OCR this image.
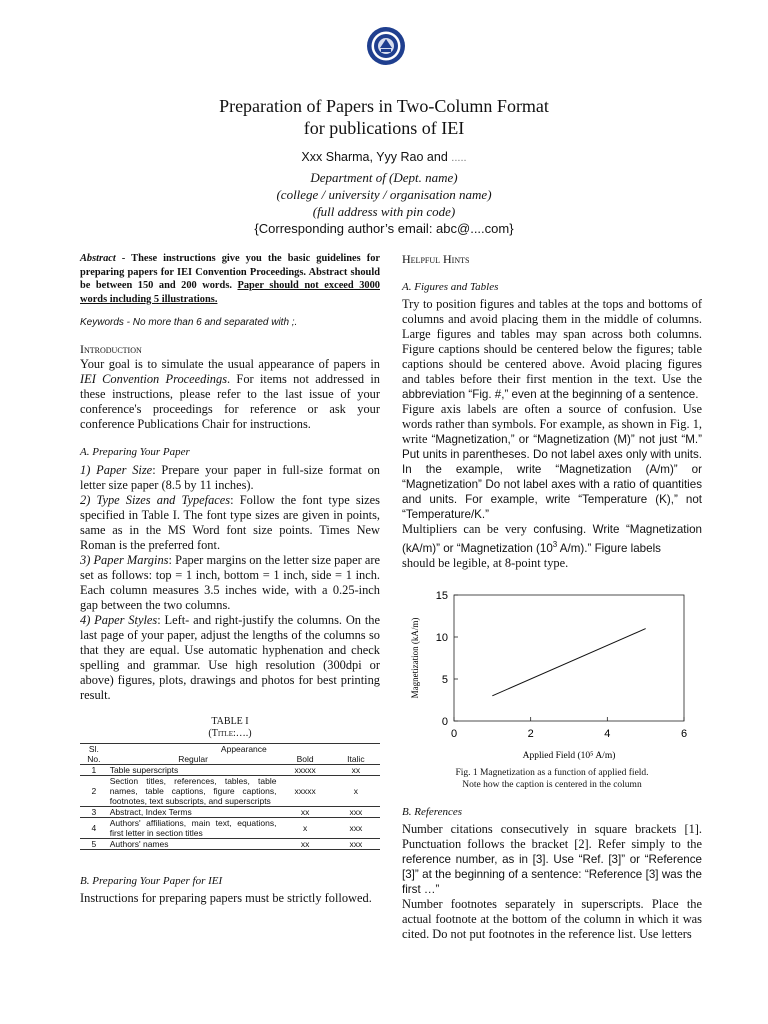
Preparation of Papers in Two-Column Format
for publications of IEI
Xxx Sharma, Yyy Rao and .....
Department of (Dept. name)
(college / university / organisation name)
(full address with pin code)
{Corresponding author’s email: abc@....com}

Abstract - These instructions give you the basic guidelines for preparing papers for IEI Convention Proceedings. Abstract should be between 150 and 200 words. Paper should not exceed 3000 words including 5 illustrations.

Keywords - No more than 6 and separated with ;.

Introduction

Your goal is to simulate the usual appearance of papers in IEI Convention Proceedings. For items not addressed in these instructions, please refer to the last issue of your conference's proceedings for reference or ask your conference Publications Chair for instructions.

A. Preparing Your Paper

1) Paper Size: Prepare your paper in full-size format on letter size paper (8.5 by 11 inches).

2) Type Sizes and Typefaces: Follow the font type sizes specified in Table I. The font type sizes are given in points, same as in the MS Word font size points. Times New Roman is the preferred font.

3) Paper Margins: Paper margins on the letter size paper are set as follows: top = 1 inch, bottom = 1 inch, side = 1 inch. Each column measures 3.5 inches wide, with a 0.25-inch gap between the two columns.

4) Paper Styles: Left- and right-justify the columns. On the last page of your paper, adjust the lengths of the columns so that they are equal. Use automatic hyphenation and check spelling and grammar. Use high resolution (300dpi or above) figures, plots, drawings and photos for best printing result.

TABLE I

(Title:….)

Sl. No.	Appearance		
	Regular	Bold	Italic
1	Table superscripts	xxxxx	xx
2	Section titles, references, tables, table names, table captions, figure captions, footnotes, text subscripts, and superscripts	xxxxx	x
3	Abstract, Index Terms	xx	xxx
4	Authors' affiliations, main text, equations, first letter in section titles	x	xxx
5	Authors' names	xx	xxx

B. Preparing Your Paper for IEI

Instructions for preparing papers must be strictly followed.

Helpful Hints

A. Figures and Tables

Try to position figures and tables at the tops and bottoms of columns and avoid placing them in the middle of columns. Large figures and tables may span across both columns. Figure captions should be centered below the figures; table captions should be centered above. Avoid placing figures and tables before their first mention in the text. Use the abbreviation “Fig. #,” even at the beginning of a sentence.

Figure axis labels are often a source of confusion. Use words rather than symbols. For example, as shown in Fig. 1, write “Magnetization,” or “Magnetization (M)” not just “M.” Put units in parentheses. Do not label axes only with units. In the example, write “Magnetization (A/m)” or “Magnetization” Do not label axes with a ratio of quantities and units. For example, write “Temperature (K),” not “Temperature/K.”

Multipliers can be very confusing. Write “Magnetization (kA/m)” or “Magnetization ($10^3$ A/m).” Figure labels
should be legible, at 8-point type.

0
5
10
15
0	2	4	6
Applied Field (10⁵ A/m)
Magnetization (kA/m)

Fig. 1 Magnetization as a function of applied field.

Note how the caption is centered in the column

B. References

Number citations consecutively in square brackets [1]. Punctuation follows the bracket [2]. Refer simply to the reference number, as in [3]. Use “Ref. [3]” or “Reference [3]” at the beginning of a sentence: “Reference [3] was the first …”

Number footnotes separately in superscripts. Place the actual footnote at the bottom of the column in which it was cited. Do not put footnotes in the reference list. Use letters
